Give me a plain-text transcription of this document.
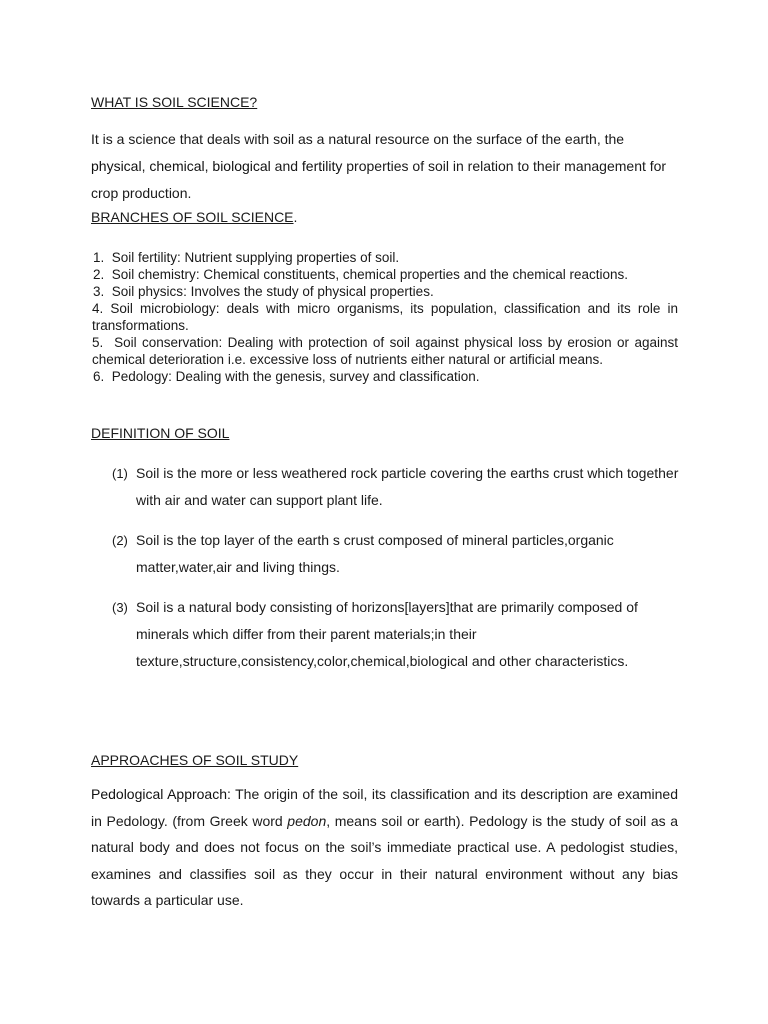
WHAT IS SOIL SCIENCE?
It is a science that deals with soil as a natural resource on the surface of the earth, the physical, chemical, biological and fertility properties of soil in relation to their management for crop production.
BRANCHES OF SOIL SCIENCE.
1. Soil fertility: Nutrient supplying properties of soil.
2. Soil chemistry: Chemical constituents, chemical properties and the chemical reactions.
3. Soil physics: Involves the study of physical properties.
4. Soil microbiology: deals with micro organisms, its population, classification and its role in transformations.
5. Soil conservation: Dealing with protection of soil against physical loss by erosion or against chemical deterioration i.e. excessive loss of nutrients either natural or artificial means.
6. Pedology: Dealing with the genesis, survey and classification.
DEFINITION OF SOIL
(1) Soil is the more or less weathered rock particle covering the earths crust which together with air and water can support plant life.
(2) Soil is the top layer of the earth s crust composed of mineral particles,organic matter,water,air and living things.
(3) Soil is a natural body consisting of horizons[layers]that are primarily composed of minerals which differ from their parent materials;in their texture,structure,consistency,color,chemical,biological and other characteristics.
APPROACHES OF SOIL STUDY
Pedological Approach: The origin of the soil, its classification and its description are examined in Pedology. (from Greek word pedon, means soil or earth). Pedology is the study of soil as a natural body and does not focus on the soil’s immediate practical use. A pedologist studies, examines and classifies soil as they occur in their natural environment without any bias towards a particular use.
